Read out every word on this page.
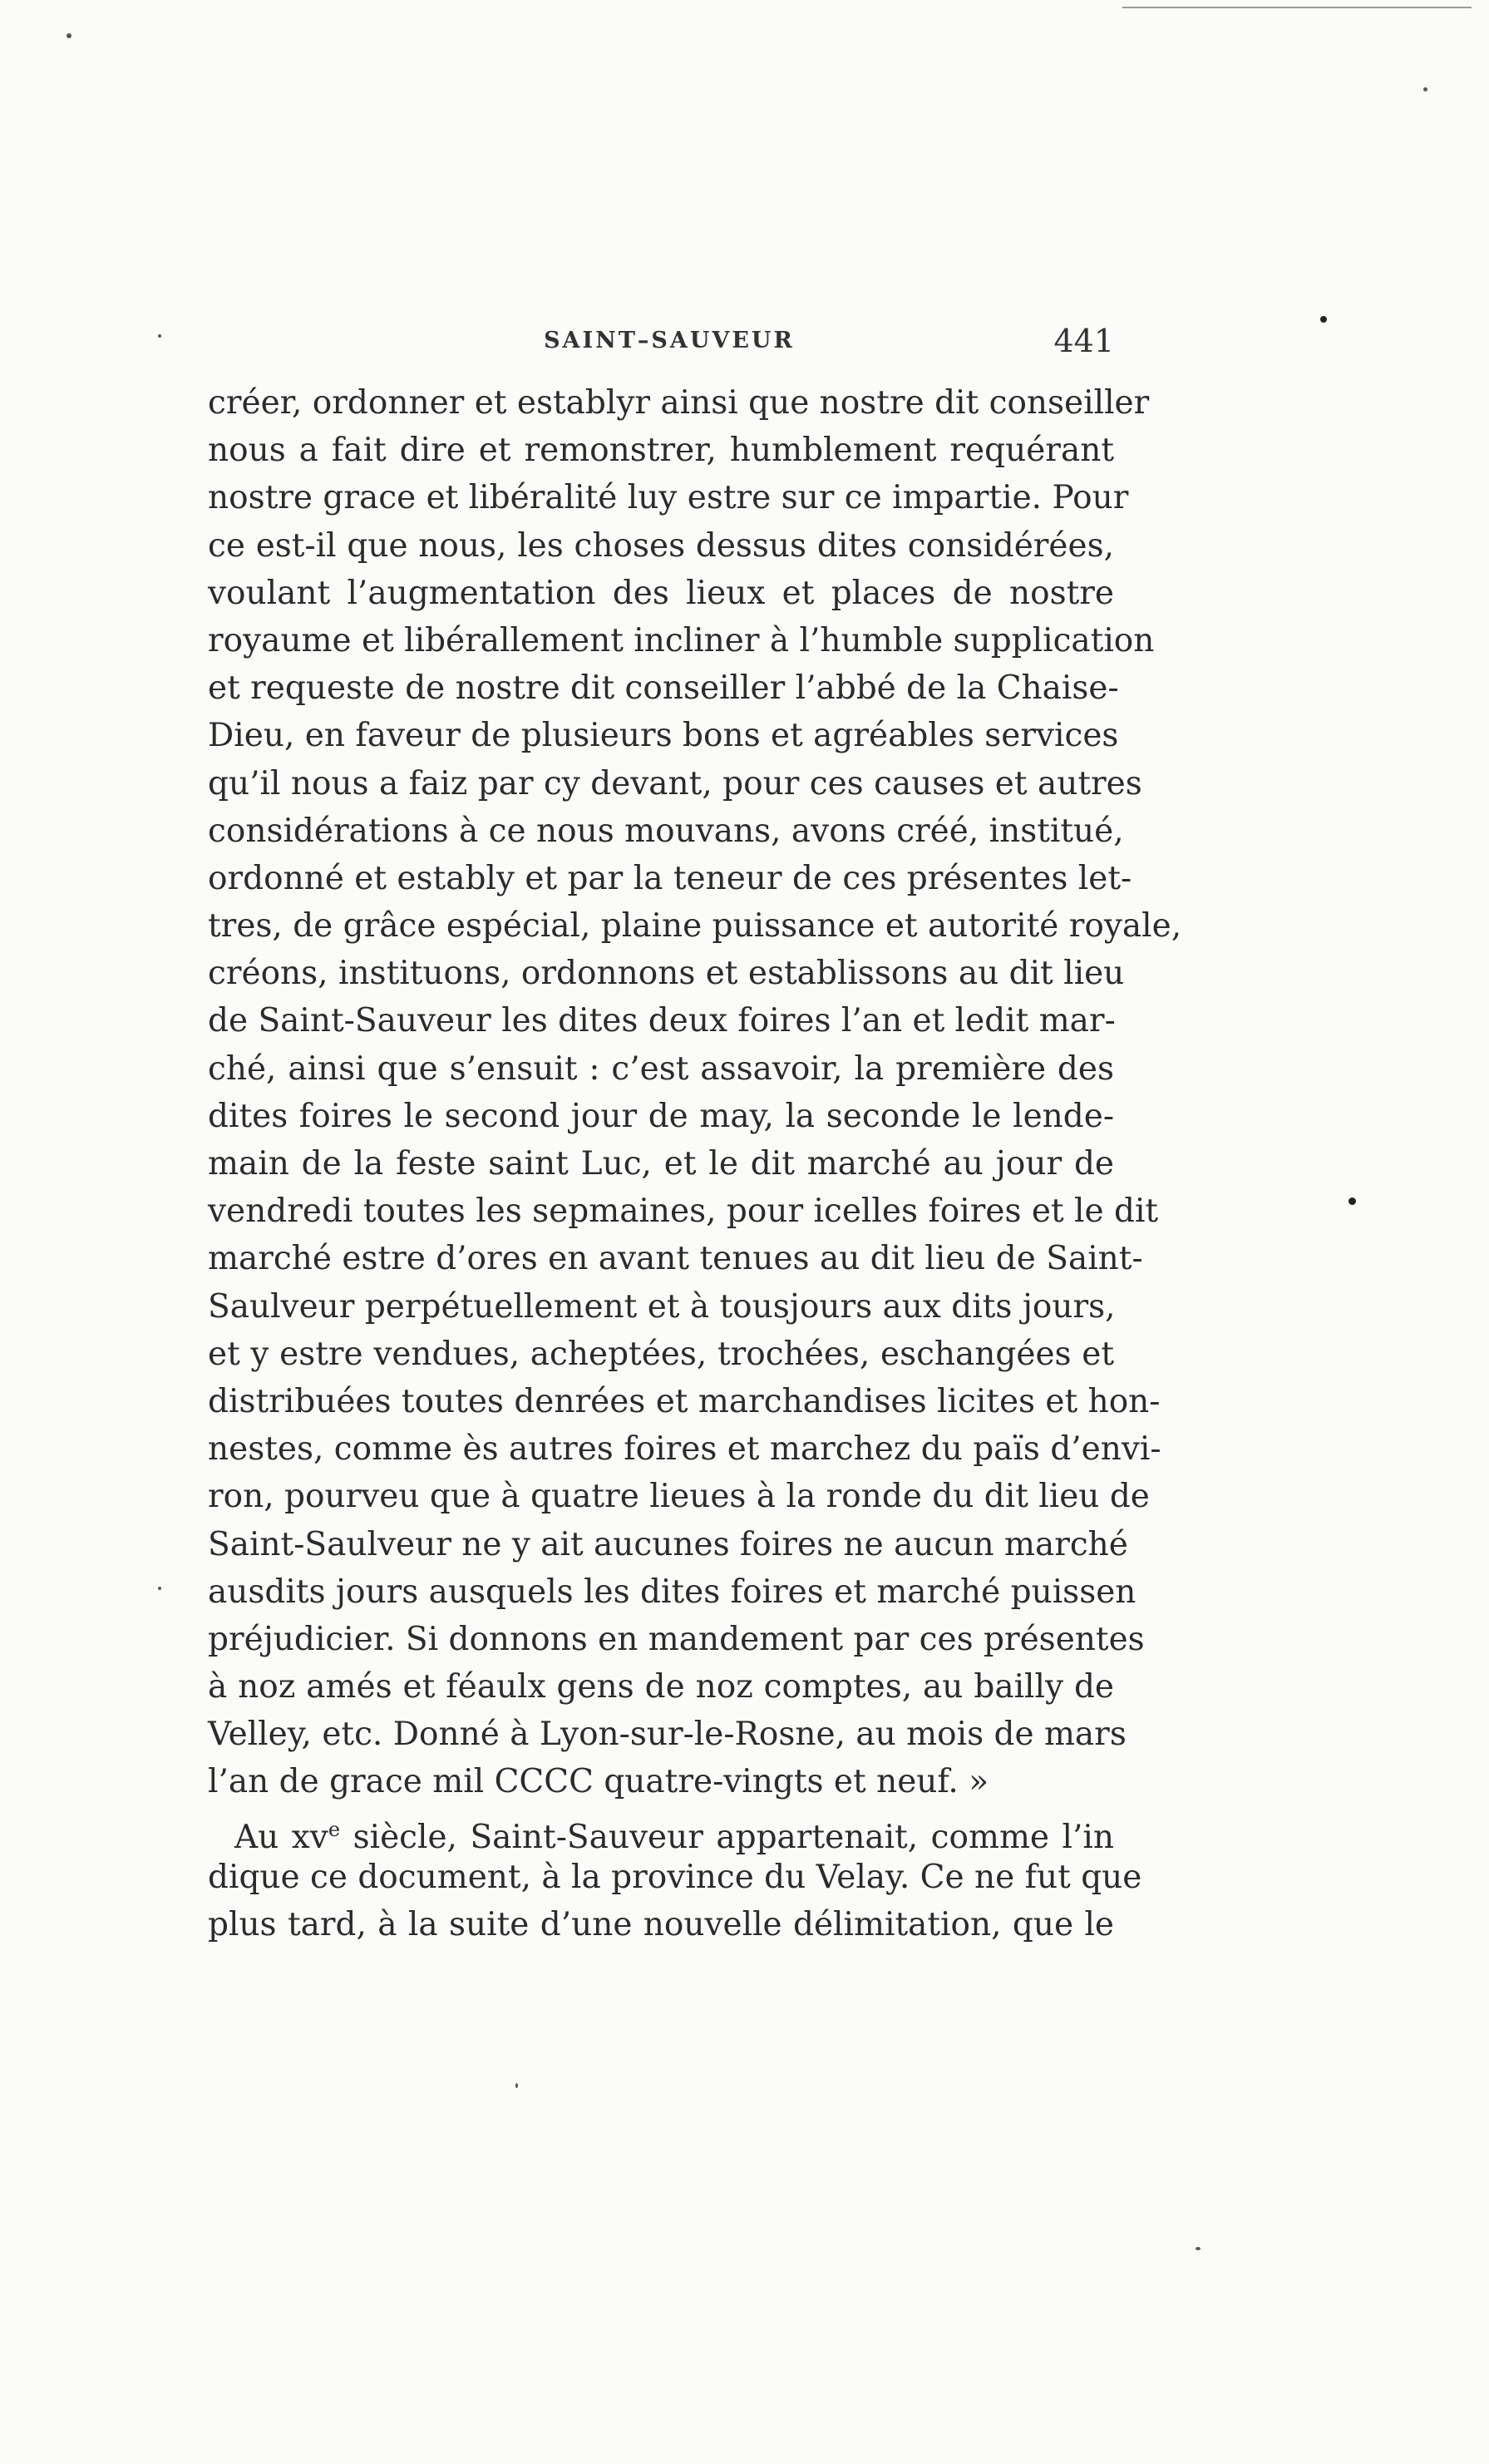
SAINT–SAUVEUR	441
créer, ordonner et establyr ainsi que nostre dit conseiller
nous a fait dire et remonstrer, humblement requérant
nostre grace et libéralité luy estre sur ce impartie. Pour
ce est-il que nous, les choses dessus dites considérées,
voulant l’augmentation des lieux et places de nostre
royaume et libérallement incliner à l’humble supplication
et requeste de nostre dit conseiller l’abbé de la Chaise-
Dieu, en faveur de plusieurs bons et agréables services
qu’il nous a faiz par cy devant, pour ces causes et autres
considérations à ce nous mouvans, avons créé, institué,
ordonné et estably et par la teneur de ces présentes let-
tres, de grâce espécial, plaine puissance et autorité royale,
créons, instituons, ordonnons et establissons au dit lieu
de Saint-Sauveur les dites deux foires l’an et ledit mar-
ché, ainsi que s’ensuit : c’est assavoir, la première des
dites foires le second jour de may, la seconde le lende-
main de la feste saint Luc, et le dit marché au jour de
vendredi toutes les sepmaines, pour icelles foires et le dit
marché estre d’ores en avant tenues au dit lieu de Saint-
Saulveur perpétuellement et à tousjours aux dits jours,
et y estre vendues, acheptées, trochées, eschangées et
distribuées toutes denrées et marchandises licites et hon-
nestes, comme ès autres foires et marchez du païs d’envi-
ron, pourveu que à quatre lieues à la ronde du dit lieu de
Saint-Saulveur ne y ait aucunes foires ne aucun marché
ausdits jours ausquels les dites foires et marché puissen
préjudicier. Si donnons en mandement par ces présentes
à noz amés et féaulx gens de noz comptes, au bailly de
Velley, etc. Donné à Lyon-sur-le-Rosne, au mois de mars
l’an de grace mil CCCC quatre-vingts et neuf. »
Au $xv^e$ siècle, Saint-Sauveur appartenait, comme l’in
dique ce document, à la province du Velay. Ce ne fut que
plus tard, à la suite d’une nouvelle délimitation, que le
